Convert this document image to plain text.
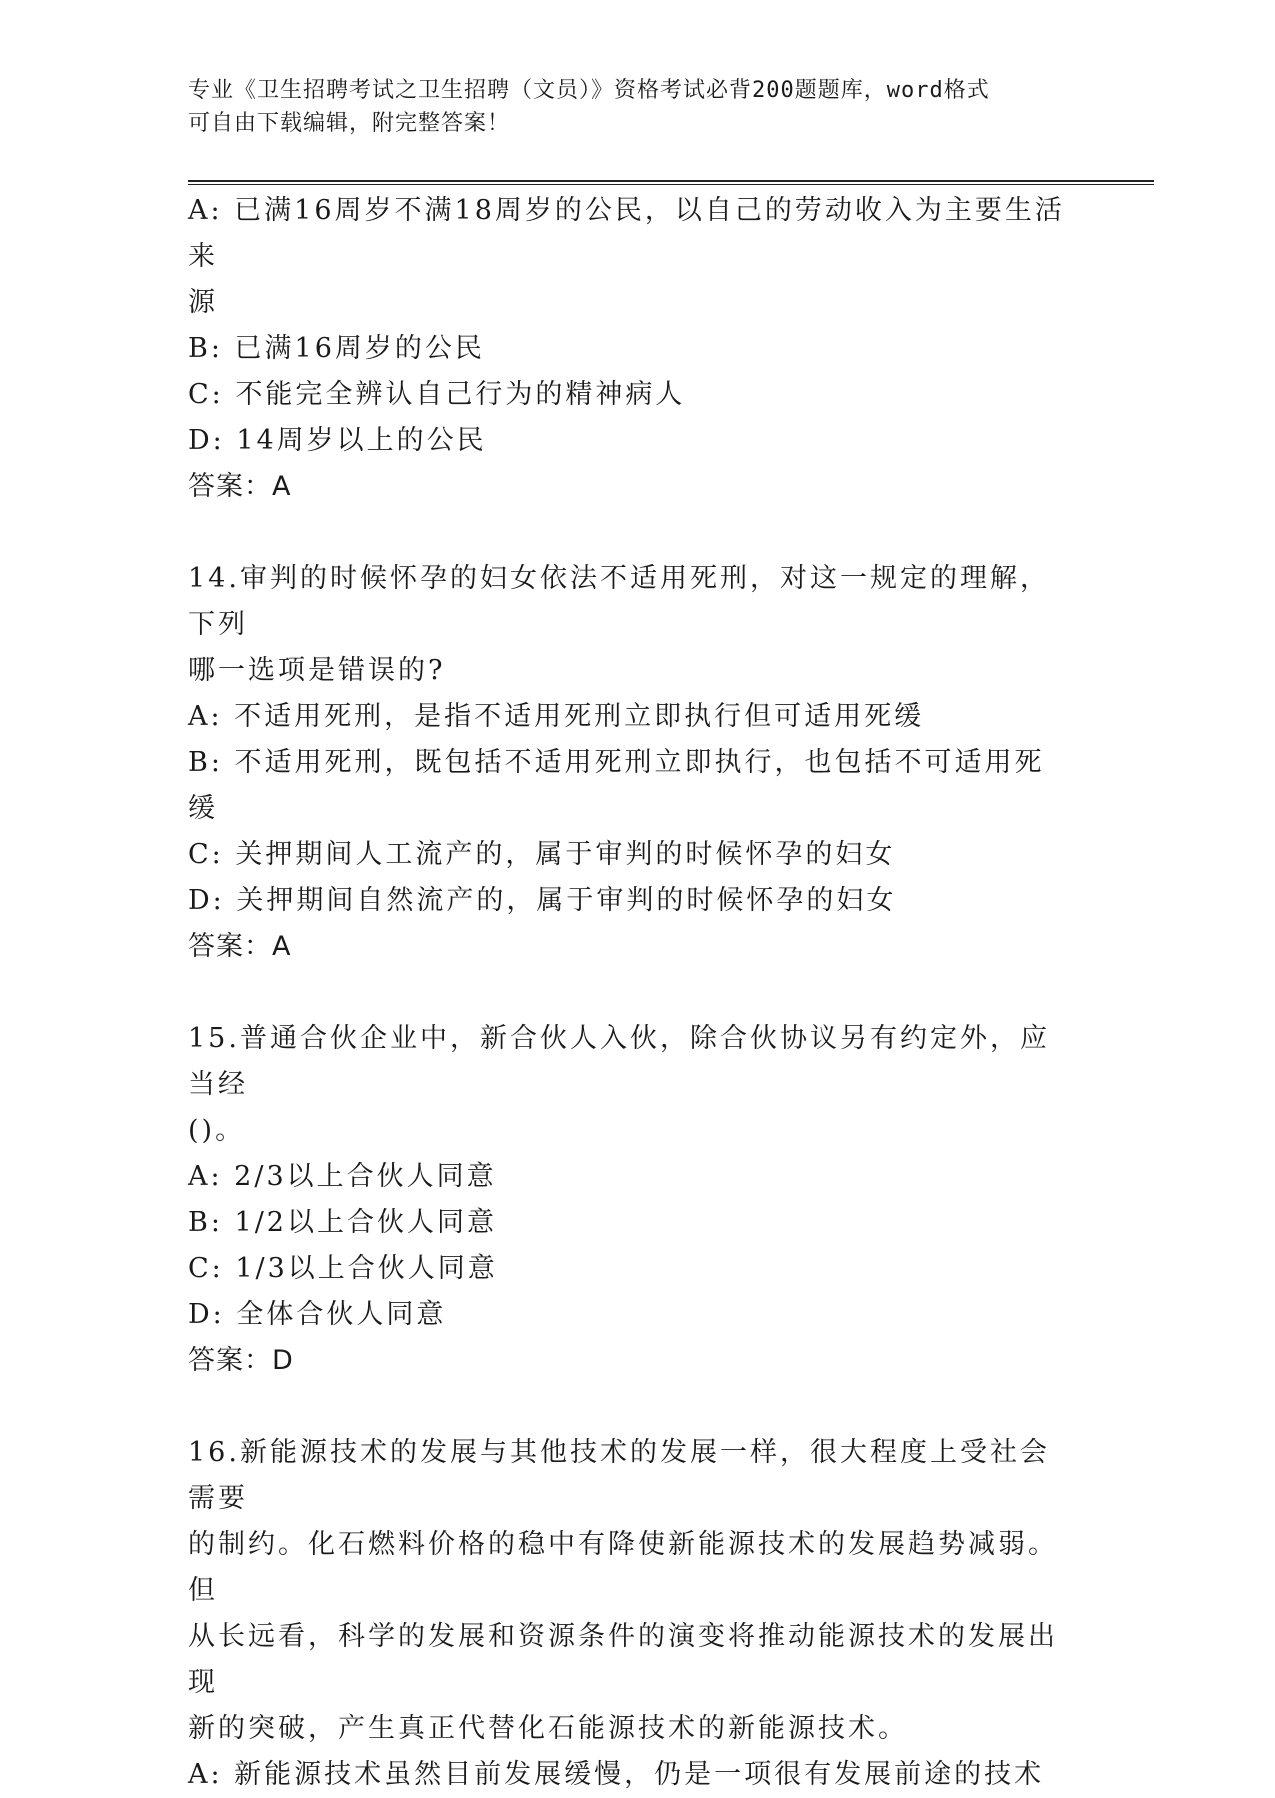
专业《卫生招聘考试之卫生招聘（文员）》资格考试必背200题题库，word格式
可自由下载编辑，附完整答案！
A: 已满16周岁不满18周岁的公民，以自己的劳动收入为主要生活来
源
B: 已满16周岁的公民
C: 不能完全辨认自己行为的精神病人
D: 14周岁以上的公民
答案：A
14.审判的时候怀孕的妇女依法不适用死刑，对这一规定的理解，下列
哪一选项是错误的?
A: 不适用死刑，是指不适用死刑立即执行但可适用死缓
B: 不适用死刑，既包括不适用死刑立即执行，也包括不可适用死缓
C: 关押期间人工流产的，属于审判的时候怀孕的妇女
D: 关押期间自然流产的，属于审判的时候怀孕的妇女
答案：A
15.普通合伙企业中，新合伙人入伙，除合伙协议另有约定外，应当经
()。
A: 2/3以上合伙人同意
B: 1/2以上合伙人同意
C: 1/3以上合伙人同意
D: 全体合伙人同意
答案：D
16.新能源技术的发展与其他技术的发展一样，很大程度上受社会需要
的制约。化石燃料价格的稳中有降使新能源技术的发展趋势减弱。但
从长远看，科学的发展和资源条件的演变将推动能源技术的发展出现
新的突破，产生真正代替化石能源技术的新能源技术。
A: 新能源技术虽然目前发展缓慢，仍是一项很有发展前途的技术
